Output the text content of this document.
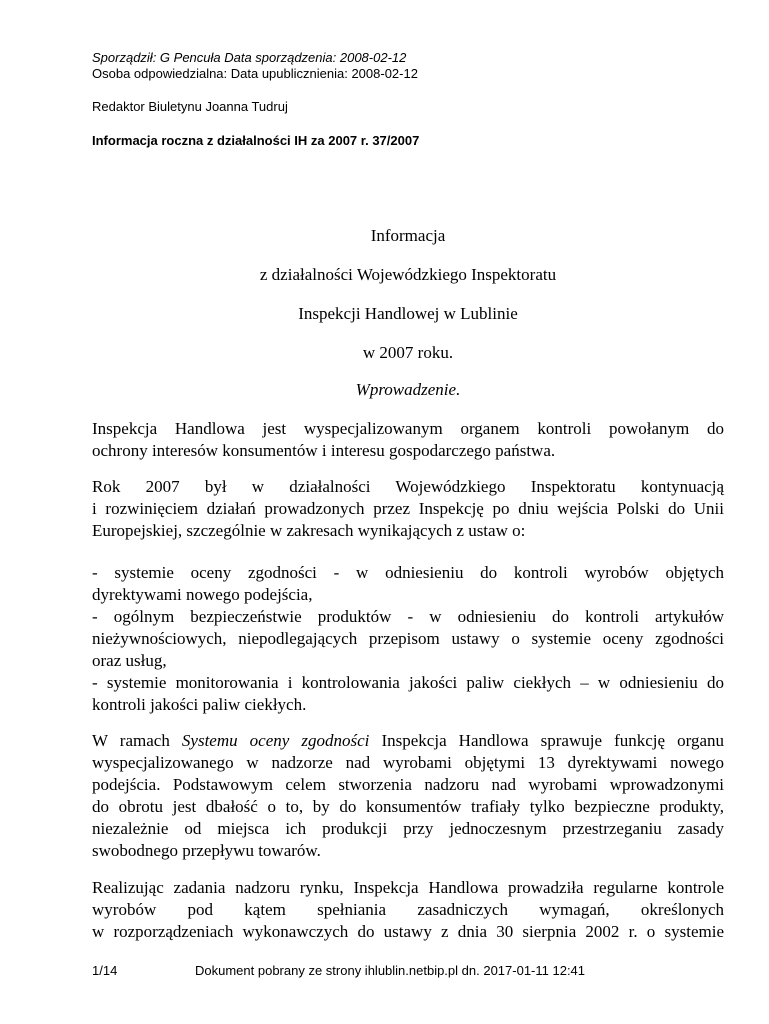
Sporządził: G Pencuła Data sporządzenia: 2008-02-12
Osoba odpowiedzialna: Data upublicznienia: 2008-02-12
Redaktor Biuletynu Joanna Tudruj
Informacja roczna z działalności IH za 2007 r. 37/2007
Informacja
z działalności Wojewódzkiego Inspektoratu
Inspekcji Handlowej w Lublinie
w 2007 roku.
Wprowadzenie.
Inspekcja Handlowa jest wyspecjalizowanym organem kontroli powołanym do
ochrony interesów konsumentów i interesu gospodarczego państwa.
Rok 2007 był w działalności Wojewódzkiego Inspektoratu kontynuacją
i rozwinięciem działań prowadzonych przez Inspekcję po dniu wejścia Polski do Unii
Europejskiej, szczególnie w zakresach wynikających z ustaw o:
- systemie oceny zgodności - w odniesieniu do kontroli wyrobów objętych
dyrektywami nowego podejścia,
- ogólnym bezpieczeństwie produktów - w odniesieniu do kontroli artykułów
nieżywnościowych, niepodlegających przepisom ustawy o systemie oceny zgodności
oraz usług,
- systemie monitorowania i kontrolowania jakości paliw ciekłych – w odniesieniu do
kontroli jakości paliw ciekłych.
W ramach Systemu oceny zgodności Inspekcja Handlowa sprawuje funkcję organu
wyspecjalizowanego w nadzorze nad wyrobami objętymi 13 dyrektywami nowego
podejścia. Podstawowym celem stworzenia nadzoru nad wyrobami wprowadzonymi
do obrotu jest dbałość o to, by do konsumentów trafiały tylko bezpieczne produkty,
niezależnie od miejsca ich produkcji przy jednoczesnym przestrzeganiu zasady
swobodnego przepływu towarów.
Realizując zadania nadzoru rynku, Inspekcja Handlowa prowadziła regularne kontrole
wyrobów pod kątem spełniania zasadniczych wymagań, określonych
w rozporządzeniach wykonawczych do ustawy z dnia 30 sierpnia 2002 r. o systemie
1/14	Dokument pobrany ze strony ihlublin.netbip.pl dn. 2017-01-11 12:41
